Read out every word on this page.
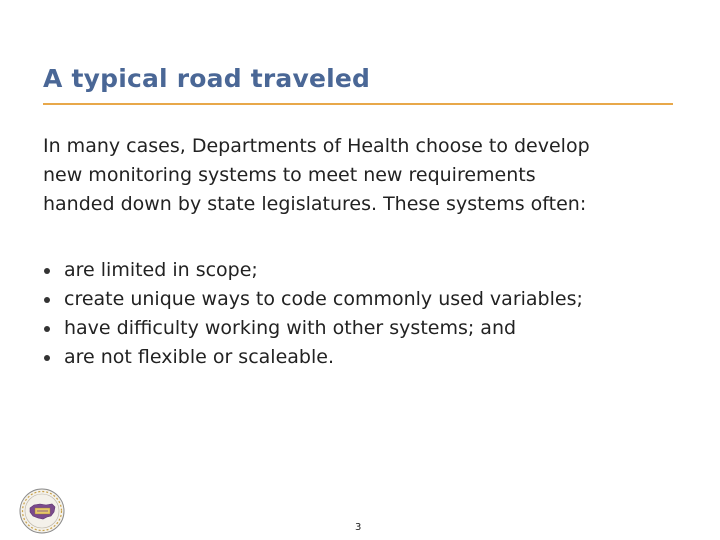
A typical road traveled
In many cases, Departments of Health choose to develop
new monitoring systems to meet new requirements
handed down by state legislatures. These systems often:
are limited in scope;
create unique ways to code commonly used variables;
have difficulty working with other systems; and
are not flexible or scaleable.
3
